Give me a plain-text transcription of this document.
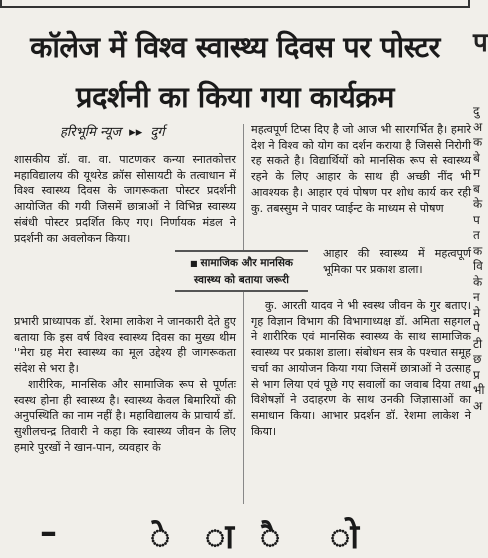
कॉलेज में विश्व स्वास्थ्य दिवस पर पोस्टर
प्रदर्शनी का किया गया कार्यक्रम
हरिभूमि न्यूज ▸▸ दुर्ग

शासकीय डॉ. वा. वा. पाटणकर कन्या स्नातकोत्तर महाविद्यालय की यूथरेड क्रॉस सोसायटी के तत्वाधान में विश्व स्वास्थ्य दिवस के जागरूकता पोस्टर प्रदर्शनी आयोजित की गयी जिसमें छात्राओं ने विभिन्न स्वास्थ्य संबंधी पोस्टर प्रदर्शित किए गए। निर्णायक मंडल ने प्रदर्शनी का अवलोकन किया।

प्रभारी प्राध्यापक डॉ. रेशमा लाकेश ने जानकारी देते हुए बताया कि इस वर्ष विश्व स्वास्थ्य दिवस का मुख्य थीम ''मेरा ग्रह मेरा स्वास्थ्य का मूल उद्देश्य ही जागरूकता संदेश से भरा है।

शारीरिक, मानसिक और सामाजिक रूप से पूर्णतः स्वस्थ होना ही स्वास्थ्य है। स्वास्थ्य केवल बिमारियों की अनुपस्थिति का नाम नहीं है। महाविद्यालय के प्राचार्य डॉ. सुशीलचन्द्र तिवारी ने कहा कि स्वास्थ्य जीवन के लिए हमारे पुरखों ने खान-पान, व्यवहार के

महत्वपूर्ण टिप्स दिए है जो आज भी सारगर्भित है। हमारे देश ने विश्व को योग का दर्शन कराया है जिससे निरोगी रह सकते है। विद्यार्थियों को मानसिक रूप से स्वास्थ्य रहने के लिए आहार के साथ ही अच्छी नींद भी आवश्यक है। आहार एवं पोषण पर शोध कार्य कर रही कु. तबस्सुम ने पावर प्वाईन्ट के माध्यम से पोषण

आहार की स्वास्थ्य में महत्वपूर्ण भूमिका पर प्रकाश डाला।

कु. आरती यादव ने भी स्वस्थ जीवन के गुर बताए। गृह विज्ञान विभाग की विभागाध्यक्ष डॉ. अमिता सहगल ने शारीरिक एवं मानसिक स्वास्थ्य के साथ सामाजिक स्वास्थ्य पर प्रकाश डाला। संबोधन सत्र के पश्चात समूह चर्चा का आयोजन किया गया जिसमें छात्राओं ने उत्साह से भाग लिया एवं पूछे गए सवालों का जवाब दिया तथा विशेषज्ञों ने उदाहरण के साथ उनकी जिज्ञासाओं का समाधान किया। आभार प्रदर्शन डॉ. रेशमा लाकेश ने किया।

■ सामाजिक और मानसिक स्वास्थ्य को बताया जरूरी
प
दु
अ
क
बे
म
ब
के
प
त
क
वि
के
न
मे
पे
टी
छ
प्र
भी
अ
–	े ा ै ो
